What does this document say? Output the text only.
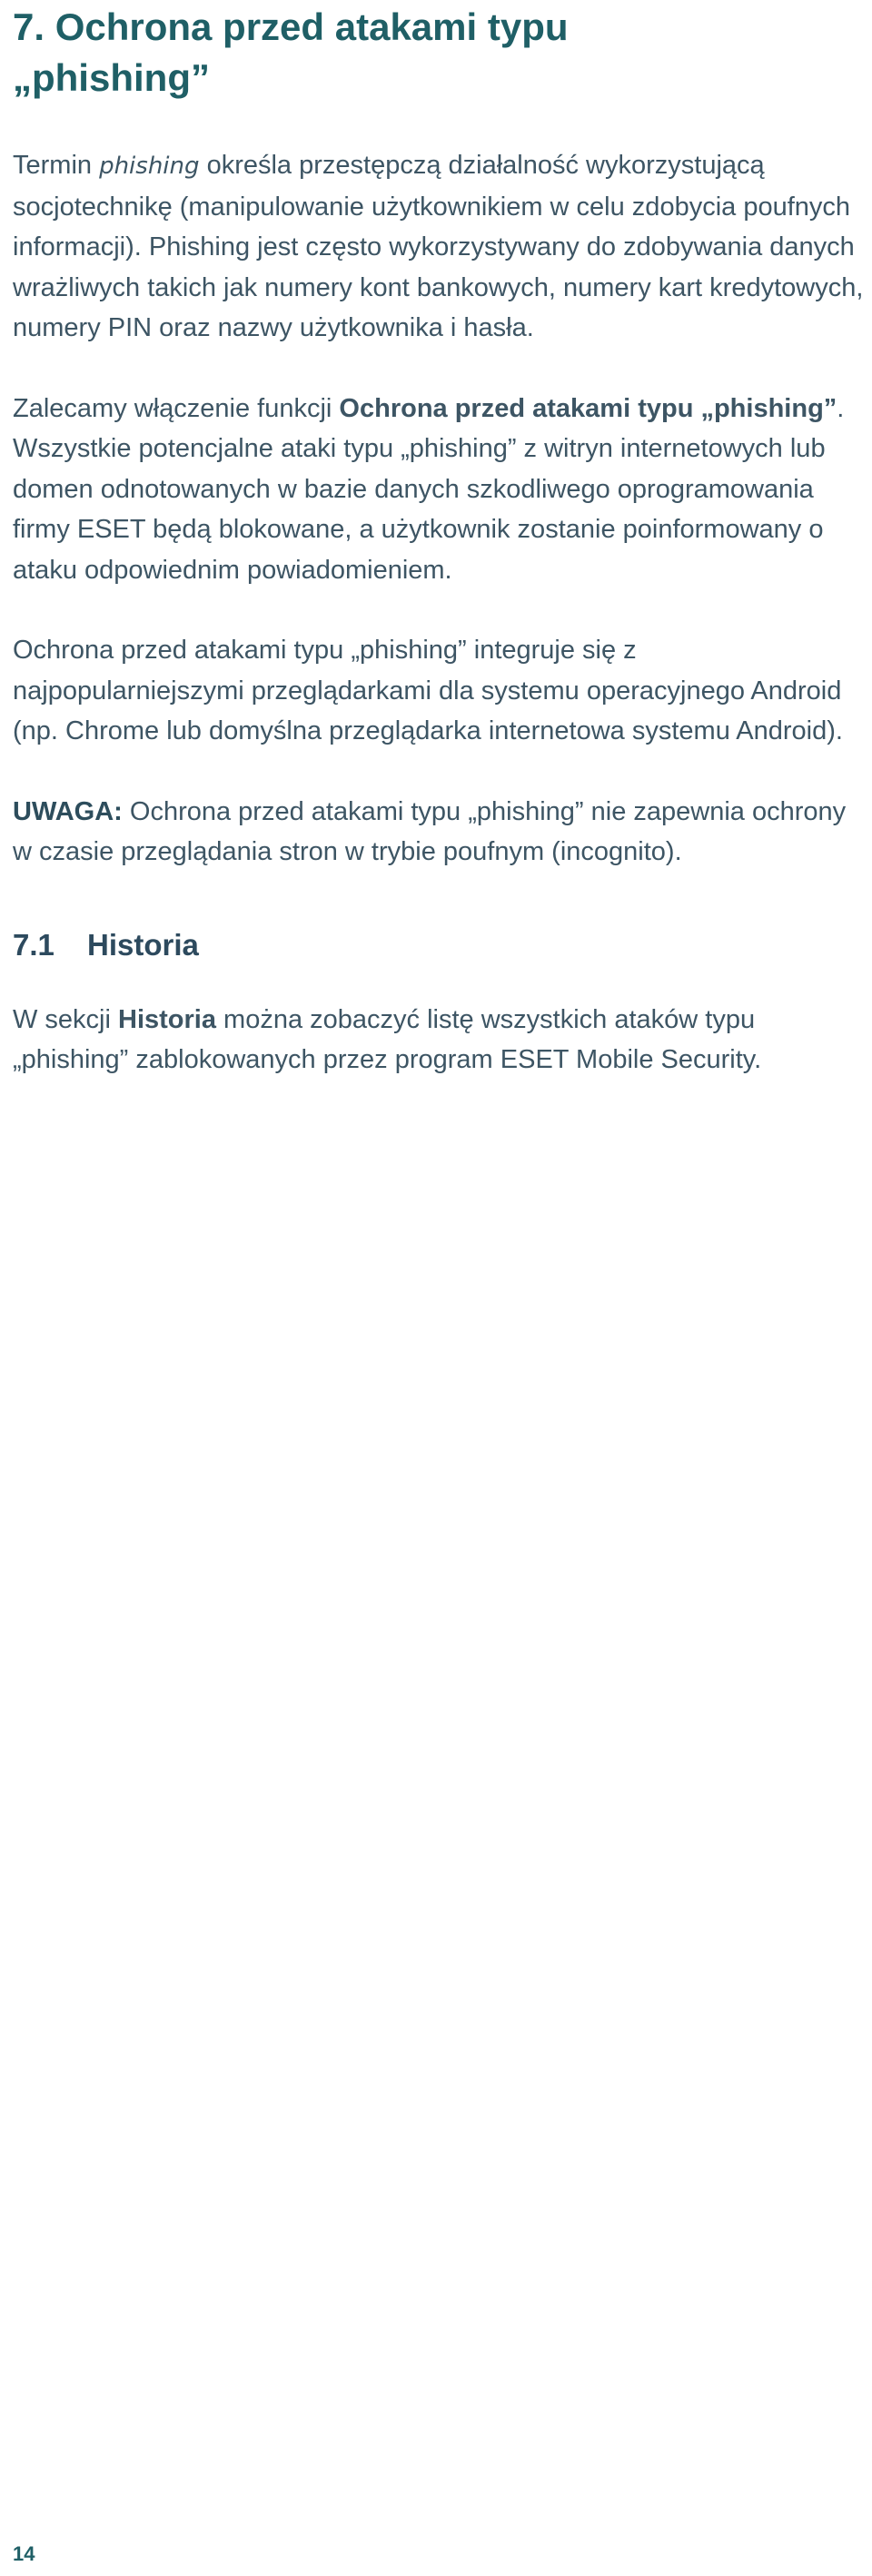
7. Ochrona przed atakami typu
„phishing”

Termin phishing określa przestępczą działalność wykorzystującą socjotechnikę (manipulowanie użytkownikiem w celu zdobycia poufnych informacji). Phishing jest często wykorzystywany do zdobywania danych wrażliwych takich jak numery kont bankowych, numery kart kredytowych, numery PIN oraz nazwy użytkownika i hasła.

Zalecamy włączenie funkcji Ochrona przed atakami typu „phishing”. Wszystkie potencjalne ataki typu „phishing” z witryn internetowych lub domen odnotowanych w bazie danych szkodliwego oprogramowania firmy ESET będą blokowane, a użytkownik zostanie poinformowany o ataku odpowiednim powiadomieniem.

Ochrona przed atakami typu „phishing” integruje się z najpopularniejszymi przeglądarkami dla systemu operacyjnego Android (np. Chrome lub domyślna przeglądarka internetowa systemu Android).

UWAGA: Ochrona przed atakami typu „phishing” nie zapewnia ochrony w czasie przeglądania stron w trybie poufnym (incognito).

7.1 Historia

W sekcji Historia można zobaczyć listę wszystkich ataków typu „phishing” zablokowanych przez program ESET Mobile Security.

14
